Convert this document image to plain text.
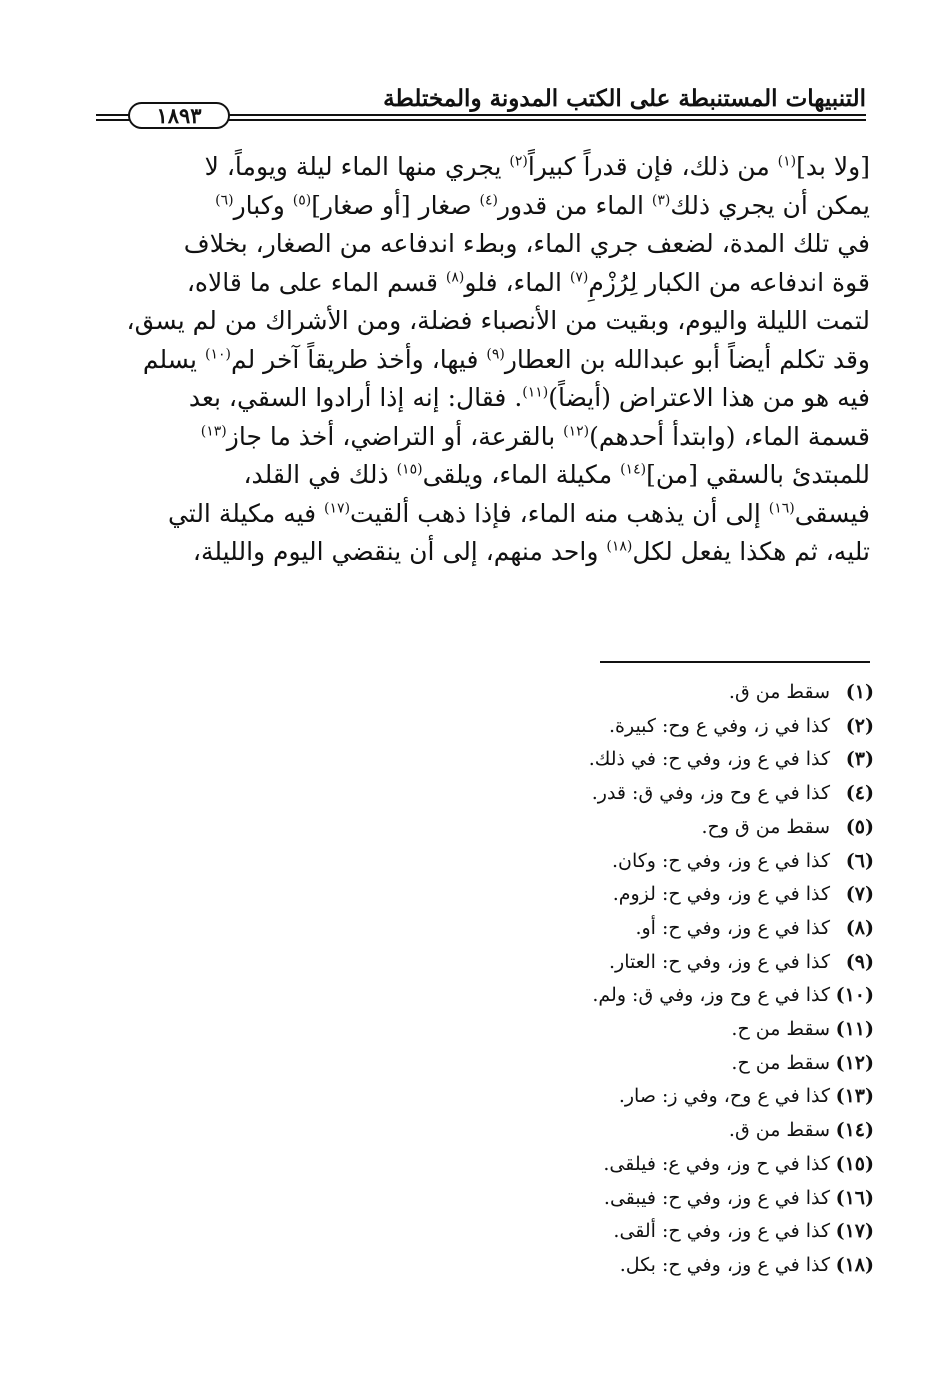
التنبيهات المستنبطة على الكتب المدونة والمختلطة
١٨٩٣
[ولا بد]$^{(١)}$ من ذلك، فإن قدراً كبيراً$^{(٢)}$ يجري منها الماء ليلة ويوماً، لا
يمكن أن يجري ذلك$^{(٣)}$ الماء من قدور$^{(٤)}$ صغار [أو صغار]$^{(٥)}$ وكبار$^{(٦)}$
في تلك المدة، لضعف جري الماء، وبطء اندفاعه من الصغار، بخلاف
قوة اندفاعه من الكبار لِرُزْمِ$^{(٧)}$ الماء، فلو$^{(٨)}$ قسم الماء على ما قالاه،
لتمت الليلة واليوم، وبقيت من الأنصباء فضلة، ومن الأشراك من لم يسق،
وقد تكلم أيضاً أبو عبدالله بن العطار$^{(٩)}$ فيها، وأخذ طريقاً آخر لم$^{(١٠)}$ يسلم
فيه هو من هذا الاعتراض (أيضاً)$^{(١١)}$. فقال: إنه إذا أرادوا السقي، بعد
قسمة الماء، (وابتدأ أحدهم)$^{(١٢)}$ بالقرعة، أو التراضي، أخذ ما جاز$^{(١٣)}$
للمبتدئ بالسقي [من]$^{(١٤)}$ مكيلة الماء، ويلقى$^{(١٥)}$ ذلك في القلد،
فيسقى$^{(١٦)}$ إلى أن يذهب منه الماء، فإذا ذهب ألقيت$^{(١٧)}$ فيه مكيلة التي
تليه، ثم هكذا يفعل لكل$^{(١٨)}$ واحد منهم، إلى أن ينقضي اليوم والليلة،
(١)سقط من ق.
(٢)كذا في ز، وفي ع وح: كبيرة.
(٣)كذا في ع وز، وفي ح: في ذلك.
(٤)كذا في ع وح وز، وفي ق: قدر.
(٥)سقط من ق وح.
(٦)كذا في ع وز، وفي ح: وكان.
(٧)كذا في ع وز، وفي ح: لزوم.
(٨)كذا في ع وز، وفي ح: أو.
(٩)كذا في ع وز، وفي ح: العتار.
(١٠)كذا في ع وح وز، وفي ق: ولم.
(١١)سقط من ح.
(١٢)سقط من ح.
(١٣)كذا في ع وح، وفي ز: صار.
(١٤)سقط من ق.
(١٥)كذا في ح وز، وفي ع: فيلقى.
(١٦)كذا في ع وز، وفي ح: فيبقى.
(١٧)كذا في ع وز، وفي ح: ألقى.
(١٨)كذا في ع وز، وفي ح: بكل.
